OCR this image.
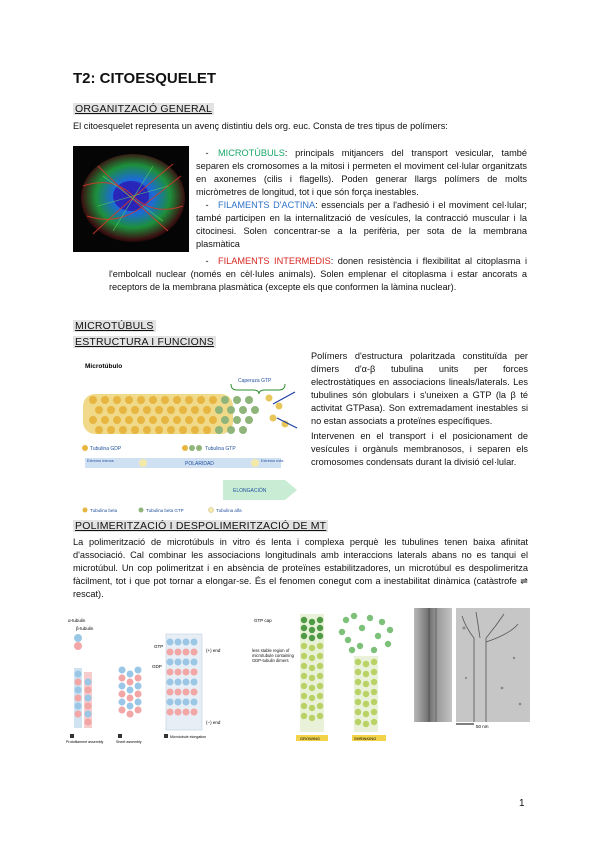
T2: CITOESQUELET
ORGANITZACIÓ GENERAL
El citoesquelet representa un avenç distintiu dels org. euc. Consta de tres tipus de polímers:
- MICROTÚBULS: principals mitjancers del transport vesicular, també separen els cromosomes a la mitosi i permeten el moviment cel·lular organitzats en axonemes (cilis i flagells). Poden generar llargs polímers de molts micròmetres de longitud, tot i que són força inestables.
- FILAMENTS D'ACTINA: essencials per a l'adhesió i el moviment cel·lular; també participen en la internalització de vesícules, la contracció muscular i la citocinesi. Solen concentrar-se a la perifèria, per sota de la membrana plasmàtica
- FILAMENTS INTERMEDIS: donen resistència i flexibilitat al citoplasma i l'embolcall nuclear (només en cèl·lules animals). Solen emplenar el citoplasma i estar ancorats a receptors de la membrana plasmàtica (excepte els que conformen la làmina nuclear).
MICROTÚBULS
ESTRUCTURA I FUNCIONS
Microtúbulo
Caperuza GTP
Tubulina GDP	Tubulina GTP
Extremo menos	POLARIDAD	Extremo más
ELONGACIÓN
Tubulina beta	Tubulina beta GTP	Tubulina alfa
Polímers d'estructura polaritzada constituïda per dímers d'α-β tubulina units per forces electrostàtiques en associacions lineals/laterals. Les tubulines són globulars i s'uneixen a GTP (la β té activitat GTPasa). Son extremadament inestables si no estan associats a proteïnes específiques.
Intervenen en el transport i el posicionament de vesícules i orgànuls membranosos, i separen els cromosomes condensats durant la divisió cel·lular.
POLIMERITZACIÓ I DESPOLIMERITZACIÓ DE MT
La polimerització de microtúbuls in vitro és lenta i complexa perquè les tubulines tenen baixa afinitat d'associació. Cal combinar les associacions longitudinals amb interaccions laterals abans no es tanqui el microtúbul. Un cop polimeritzat i en absència de proteïnes estabilitzadores, un microtúbul es despolimeritza fàcilment, tot i que pot tornar a elongar-se. És el fenomen conegut com a inestabilitat dinàmica (catàstrofe ⇌ rescat).
α-tubulin
β-tubulin
GTP
GDP
(+) end
(−) end
Protofilament assembly	Sheet assembly
Microtubule elongation
GTP cap
less stable region of microtubule containing GDP-tubulin dimers
GROWING	SHRINKING
50 nm
1
